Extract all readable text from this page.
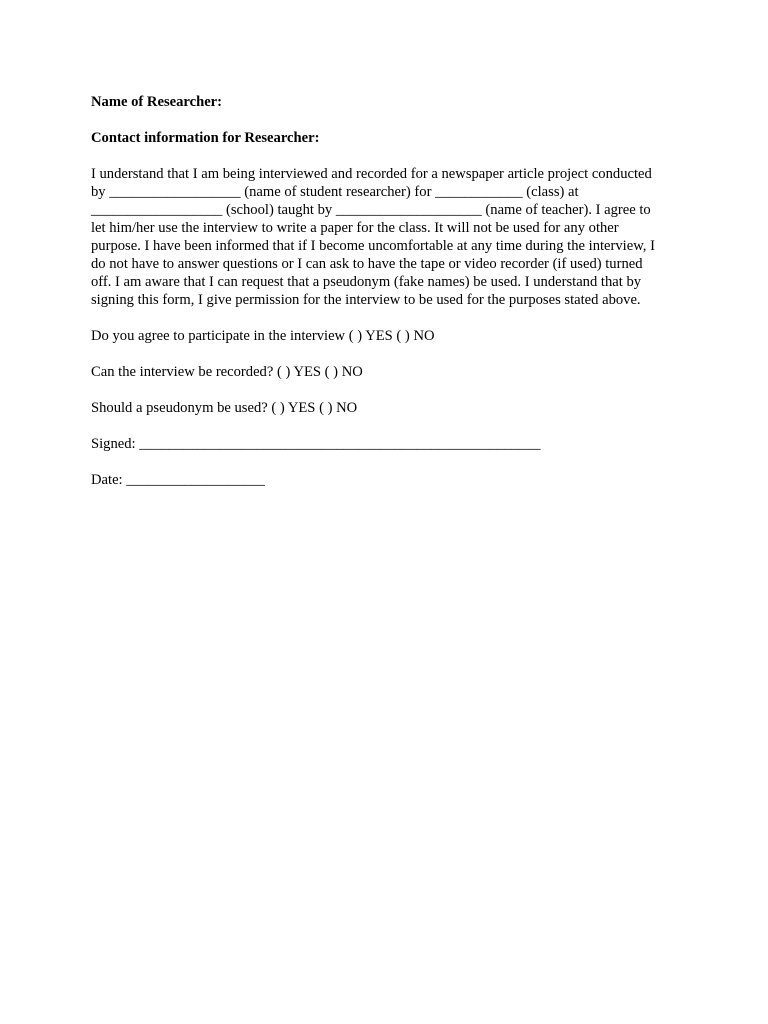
Name of Researcher:

Contact information for Researcher:

I understand that I am being interviewed and recorded for a newspaper article project conducted

by __________________ (name of student researcher) for ____________ (class) at

__________________ (school) taught by ____________________ (name of teacher). I agree to

let him/her use the interview to write a paper for the class. It will not be used for any other

purpose. I have been informed that if I become uncomfortable at any time during the interview, I

do not have to answer questions or I can ask to have the tape or video recorder (if used) turned

off. I am aware that I can request that a pseudonym (fake names) be used. I understand that by

signing this form, I give permission for the interview to be used for the purposes stated above.

Do you agree to participate in the interview ( ) YES ( ) NO

Can the interview be recorded? ( ) YES ( ) NO

Should a pseudonym be used? ( ) YES ( ) NO

Signed: _______________________________________________________

Date: ___________________
